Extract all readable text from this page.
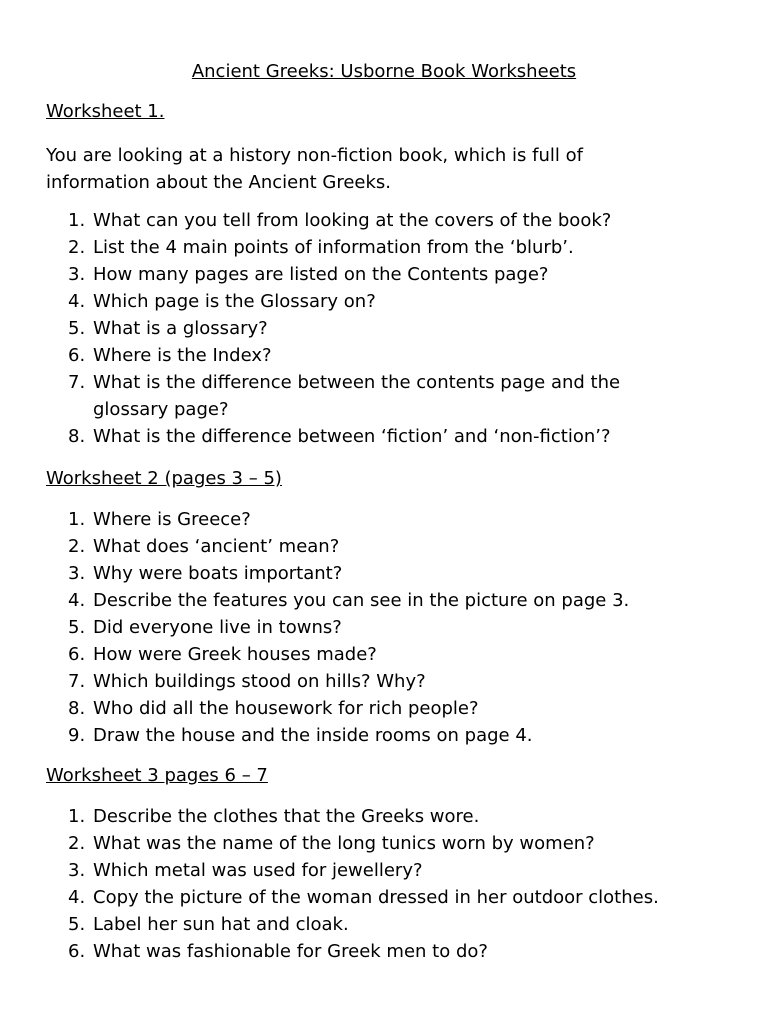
Ancient Greeks: Usborne Book Worksheets
Worksheet 1.

You are looking at a history non-fiction book, which is full of information about the Ancient Greeks.

1. What can you tell from looking at the covers of the book?
2. List the 4 main points of information from the ‘blurb’.
3. How many pages are listed on the Contents page?
4. Which page is the Glossary on?
5. What is a glossary?
6. Where is the Index?
7. What is the difference between the contents page and the glossary page?
8. What is the difference between ‘fiction’ and ‘non-fiction’?
Worksheet 2 (pages 3 – 5)
1. Where is Greece?
2. What does ‘ancient’ mean?
3. Why were boats important?
4. Describe the features you can see in the picture on page 3.
5. Did everyone live in towns?
6. How were Greek houses made?
7. Which buildings stood on hills? Why?
8. Who did all the housework for rich people?
9. Draw the house and the inside rooms on page 4.
Worksheet 3 pages 6 – 7
1. Describe the clothes that the Greeks wore.
2. What was the name of the long tunics worn by women?
3. Which metal was used for jewellery?
4. Copy the picture of the woman dressed in her outdoor clothes.
5. Label her sun hat and cloak.
6. What was fashionable for Greek men to do?
